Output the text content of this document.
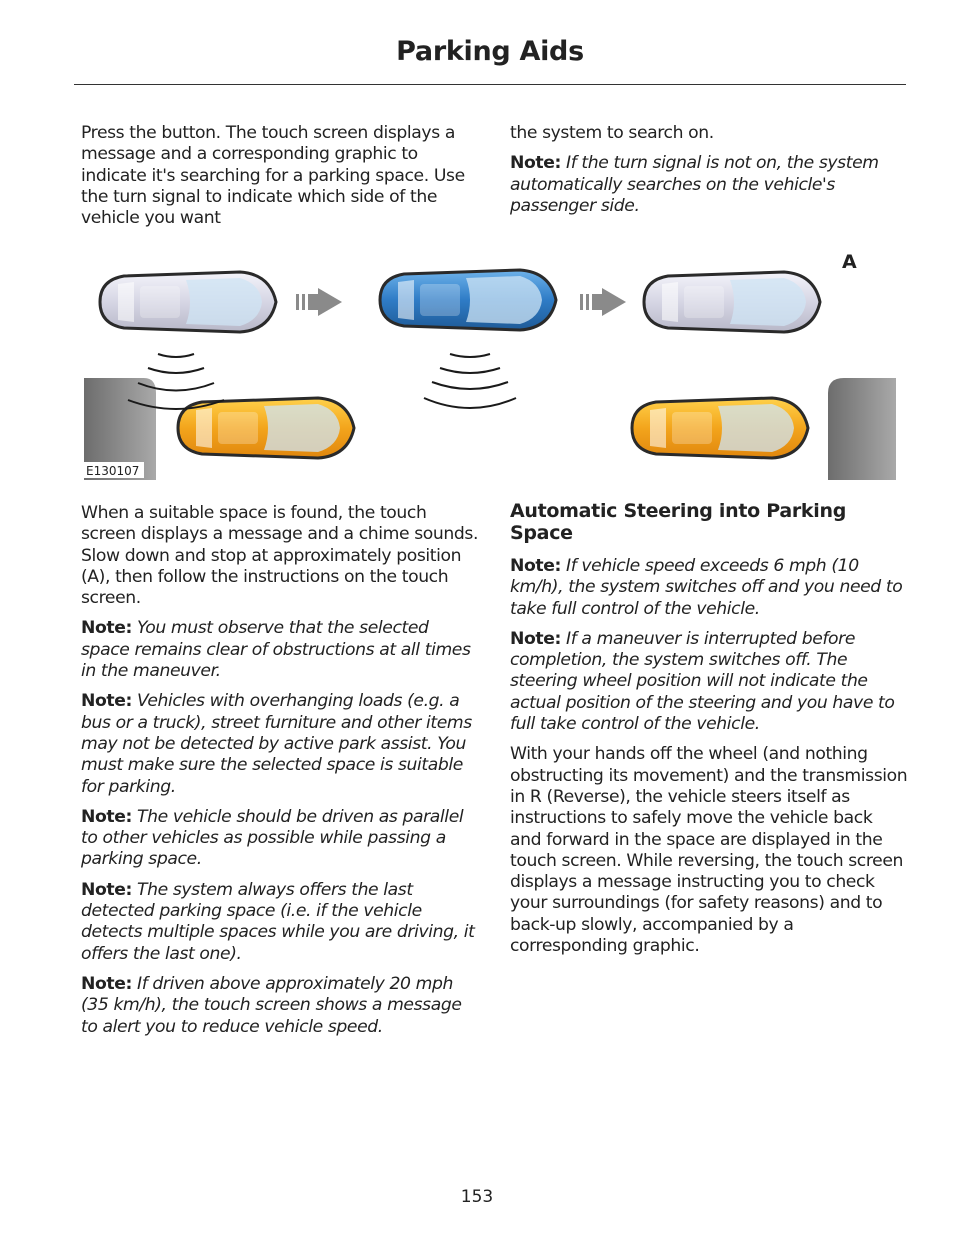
Parking Aids

Press the button. The touch screen displays a message and a corresponding graphic to indicate it's searching for a parking space. Use the turn signal to indicate which side of the vehicle you want

the system to search on.

Note: If the turn signal is not on, the system automatically searches on the vehicle's passenger side.

A
E130107

When a suitable space is found, the touch screen displays a message and a chime sounds. Slow down and stop at approximately position (A), then follow the instructions on the touch screen.

Note: You must observe that the selected space remains clear of obstructions at all times in the maneuver.

Note: Vehicles with overhanging loads (e.g. a bus or a truck), street furniture and other items may not be detected by active park assist. You must make sure the selected space is suitable for parking.

Note: The vehicle should be driven as parallel to other vehicles as possible while passing a parking space.

Note: The system always offers the last detected parking space (i.e. if the vehicle detects multiple spaces while you are driving, it offers the last one).

Note: If driven above approximately 20 mph (35 km/h), the touch screen shows a message to alert you to reduce vehicle speed.

Automatic Steering into Parking Space

Note: If vehicle speed exceeds 6 mph (10 km/h), the system switches off and you need to take full control of the vehicle.

Note: If a maneuver is interrupted before completion, the system switches off. The steering wheel position will not indicate the actual position of the steering and you have to full take control of the vehicle.

With your hands off the wheel (and nothing obstructing its movement) and the transmission in R (Reverse), the vehicle steers itself as instructions to safely move the vehicle back and forward in the space are displayed in the touch screen. While reversing, the touch screen displays a message instructing you to check your surroundings (for safety reasons) and to back-up slowly, accompanied by a corresponding graphic.

153
